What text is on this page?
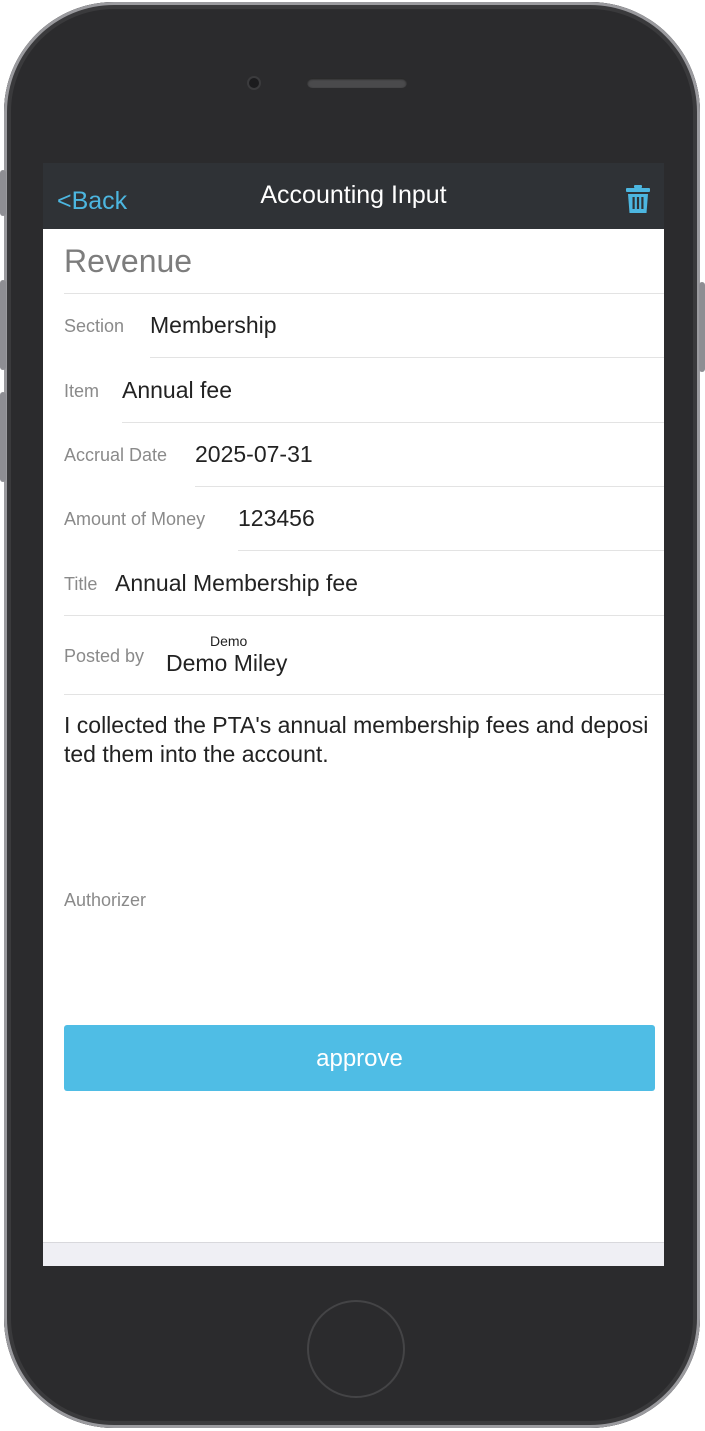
<Back	Accounting Input
Revenue
Section Membership
Item Annual fee
Accrual Date 2025-07-31
Amount of Money 123456
Title Annual Membership fee
Posted by
Demo
Demo Miley
I collected the PTA's annual membership fees and deposited them into the account.
Authorizer
approve
